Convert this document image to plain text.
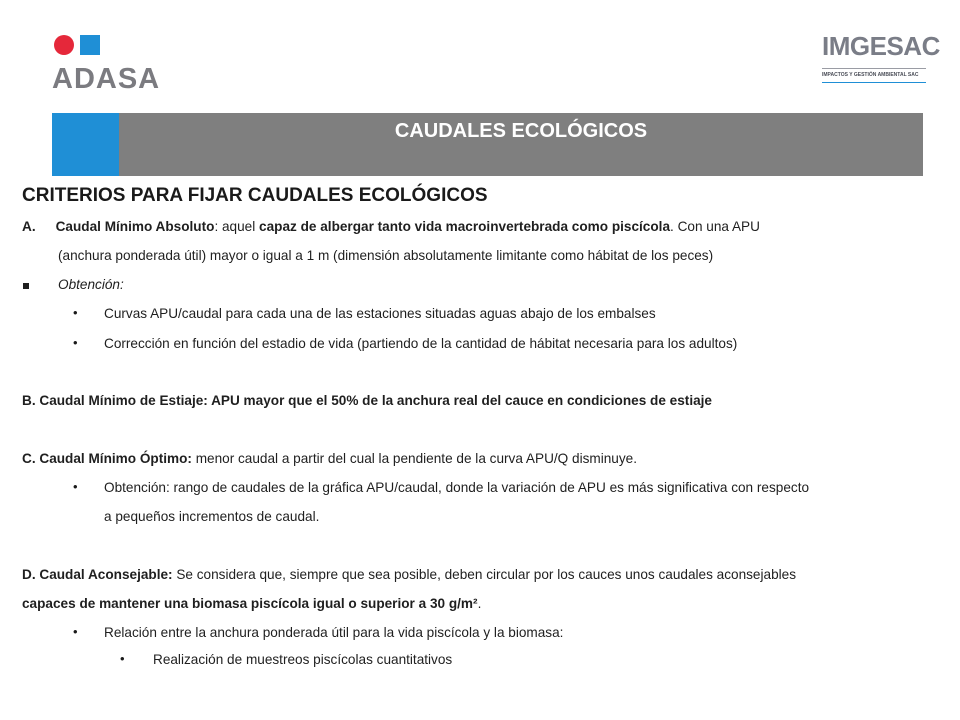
ADASA
IMGESAC
IMPACTOS Y GESTIÓN AMBIENTAL SAC
CAUDALES ECOLÓGICOS
CRITERIOS PARA FIJAR CAUDALES ECOLÓGICOS
A. Caudal Mínimo Absoluto: aquel capaz de albergar tanto vida macroinvertebrada como piscícola. Con una APU
(anchura ponderada útil) mayor o igual a 1 m (dimensión absolutamente limitante como hábitat de los peces)
Obtención:
• Curvas APU/caudal para cada una de las estaciones situadas aguas abajo de los embalses
• Corrección en función del estadio de vida (partiendo de la cantidad de hábitat necesaria para los adultos)
B. Caudal Mínimo de Estiaje: APU mayor que el 50% de la anchura real del cauce en condiciones de estiaje
C. Caudal Mínimo Óptimo: menor caudal a partir del cual la pendiente de la curva APU/Q disminuye.
• Obtención: rango de caudales de la gráfica APU/caudal, donde la variación de APU es más significativa con respecto
a pequeños incrementos de caudal.
D. Caudal Aconsejable: Se considera que, siempre que sea posible, deben circular por los cauces unos caudales aconsejables
capaces de mantener una biomasa piscícola igual o superior a 30 g/m².
• Relación entre la anchura ponderada útil para la vida piscícola y la biomasa:
• Realización de muestreos piscícolas cuantitativos
